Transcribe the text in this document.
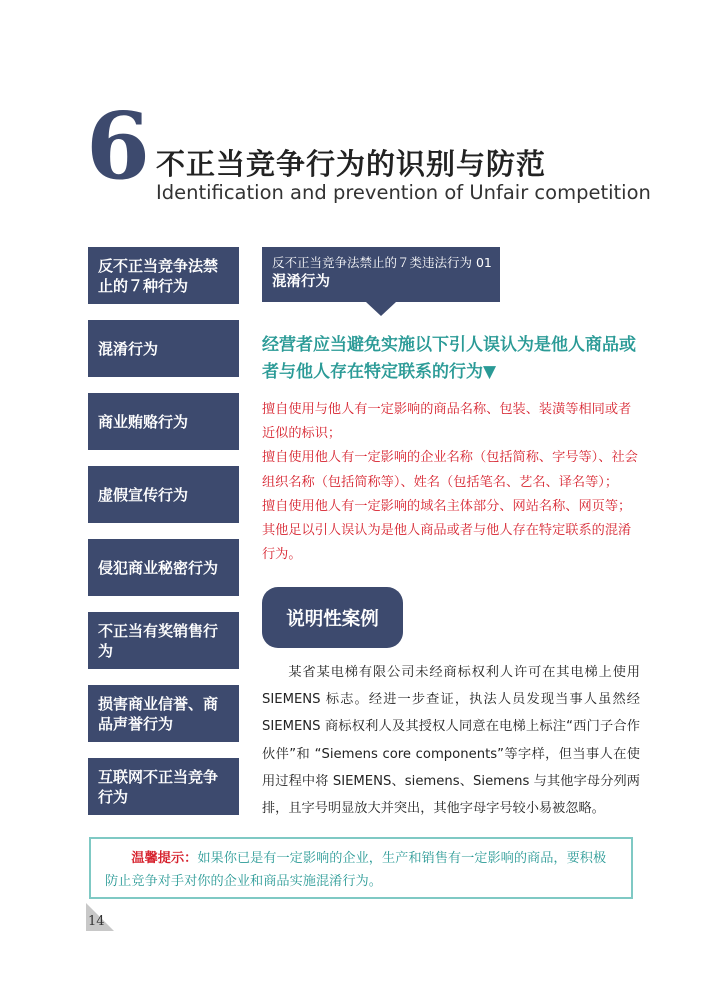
6 不正当竞争行为的识别与防范
Identification and prevention of Unfair competition
反不正当竞争法禁止的７种行为
混淆行为
商业贿赂行为
虚假宣传行为
侵犯商业秘密行为
不正当有奖销售行为
损害商业信誉、商品声誉行为
互联网不正当竞争行为
反不正当竞争法禁止的７类违法行为 01
混淆行为
经营者应当避免实施以下引人误认为是他人商品或者与他人存在特定联系的行为▼

擅自使用与他人有一定影响的商品名称、包装、装潢等相同或者近似的标识；

擅自使用他人有一定影响的企业名称（包括简称、字号等）、社会组织名称（包括简称等）、姓名（包括笔名、艺名、译名等）；

擅自使用他人有一定影响的域名主体部分、网站名称、网页等；

其他足以引人误认为是他人商品或者与他人存在特定联系的混淆行为。

说明性案例

某省某电梯有限公司未经商标权利人许可在其电梯上使用SIEMENS 标志。经进一步查证，执法人员发现当事人虽然经SIEMENS 商标权利人及其授权人同意在电梯上标注“西门子合作伙伴”和 “Siemens core components”等字样，但当事人在使用过程中将 SIEMENS、siemens、Siemens 与其他字母分列两排，且字号明显放大并突出，其他字母字号较小易被忽略。

温馨提示：如果你已是有一定影响的企业，生产和销售有一定影响的商品，要积极防止竞争对手对你的企业和商品实施混淆行为。
14
